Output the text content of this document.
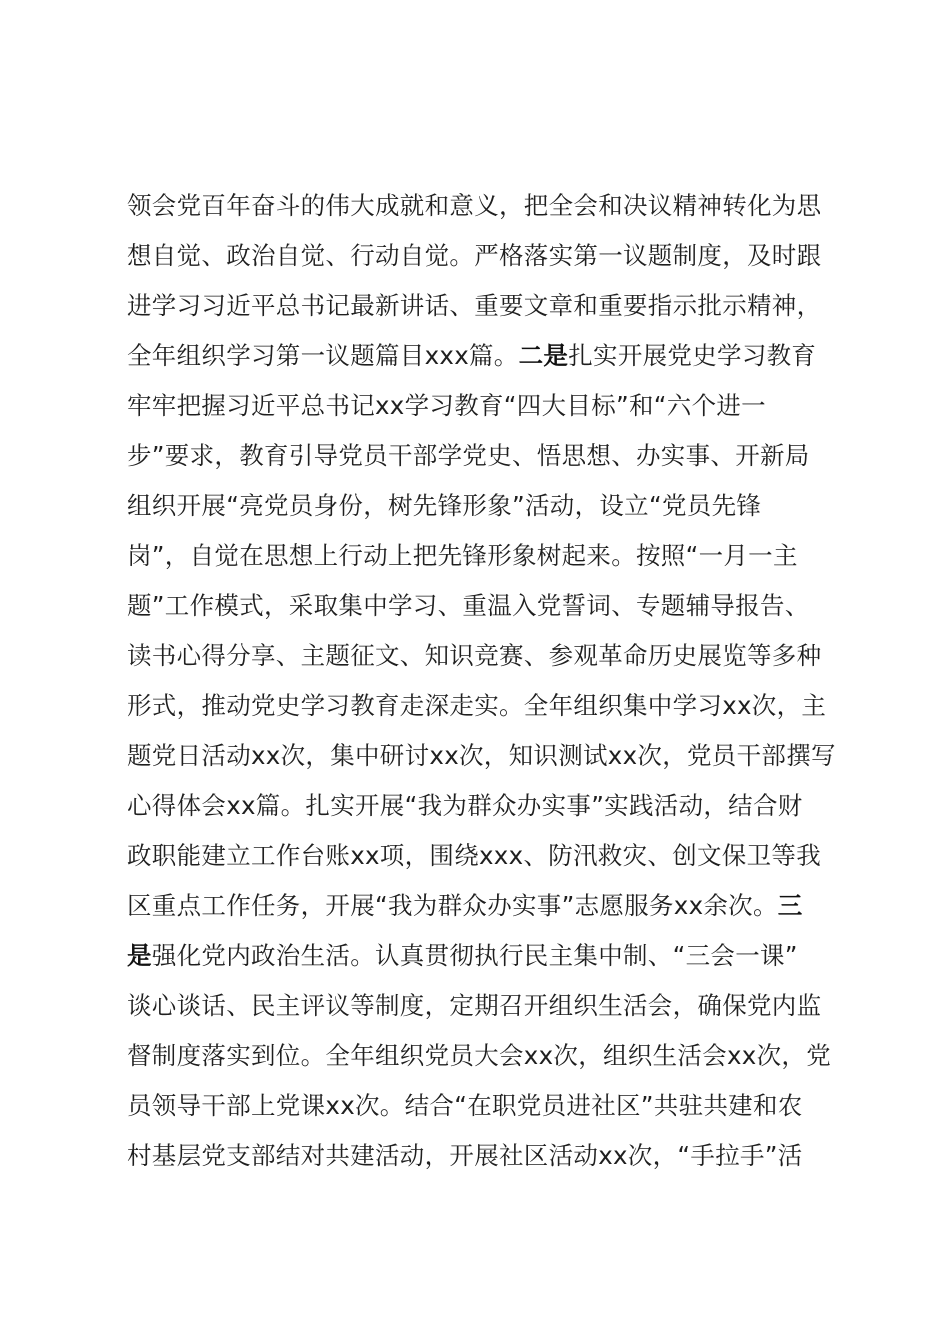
领会党百年奋斗的伟大成就和意义，把全会和决议精神转化为思
想自觉、政治自觉、行动自觉。严格落实第一议题制度，及时跟
进学习习近平总书记最新讲话、重要文章和重要指示批示精神，
全年组织学习第一议题篇目xxx篇。二是扎实开展党史学习教育
牢牢把握习近平总书记xx学习教育“四大目标”和“六个进一
步”要求，教育引导党员干部学党史、悟思想、办实事、开新局
组织开展“亮党员身份，树先锋形象”活动，设立“党员先锋
岗”，自觉在思想上行动上把先锋形象树起来。按照“一月一主
题”工作模式，采取集中学习、重温入党誓词、专题辅导报告、
读书心得分享、主题征文、知识竞赛、参观革命历史展览等多种
形式，推动党史学习教育走深走实。全年组织集中学习xx次，主
题党日活动xx次，集中研讨xx次，知识测试xx次，党员干部撰写
心得体会xx篇。扎实开展“我为群众办实事”实践活动，结合财
政职能建立工作台账xx项，围绕xxx、防汛救灾、创文保卫等我
区重点工作任务，开展“我为群众办实事”志愿服务xx余次。三
是强化党内政治生活。认真贯彻执行民主集中制、“三会一课”
谈心谈话、民主评议等制度，定期召开组织生活会，确保党内监
督制度落实到位。全年组织党员大会xx次，组织生活会xx次，党
员领导干部上党课xx次。结合“在职党员进社区”共驻共建和农
村基层党支部结对共建活动，开展社区活动xx次，“手拉手”活
